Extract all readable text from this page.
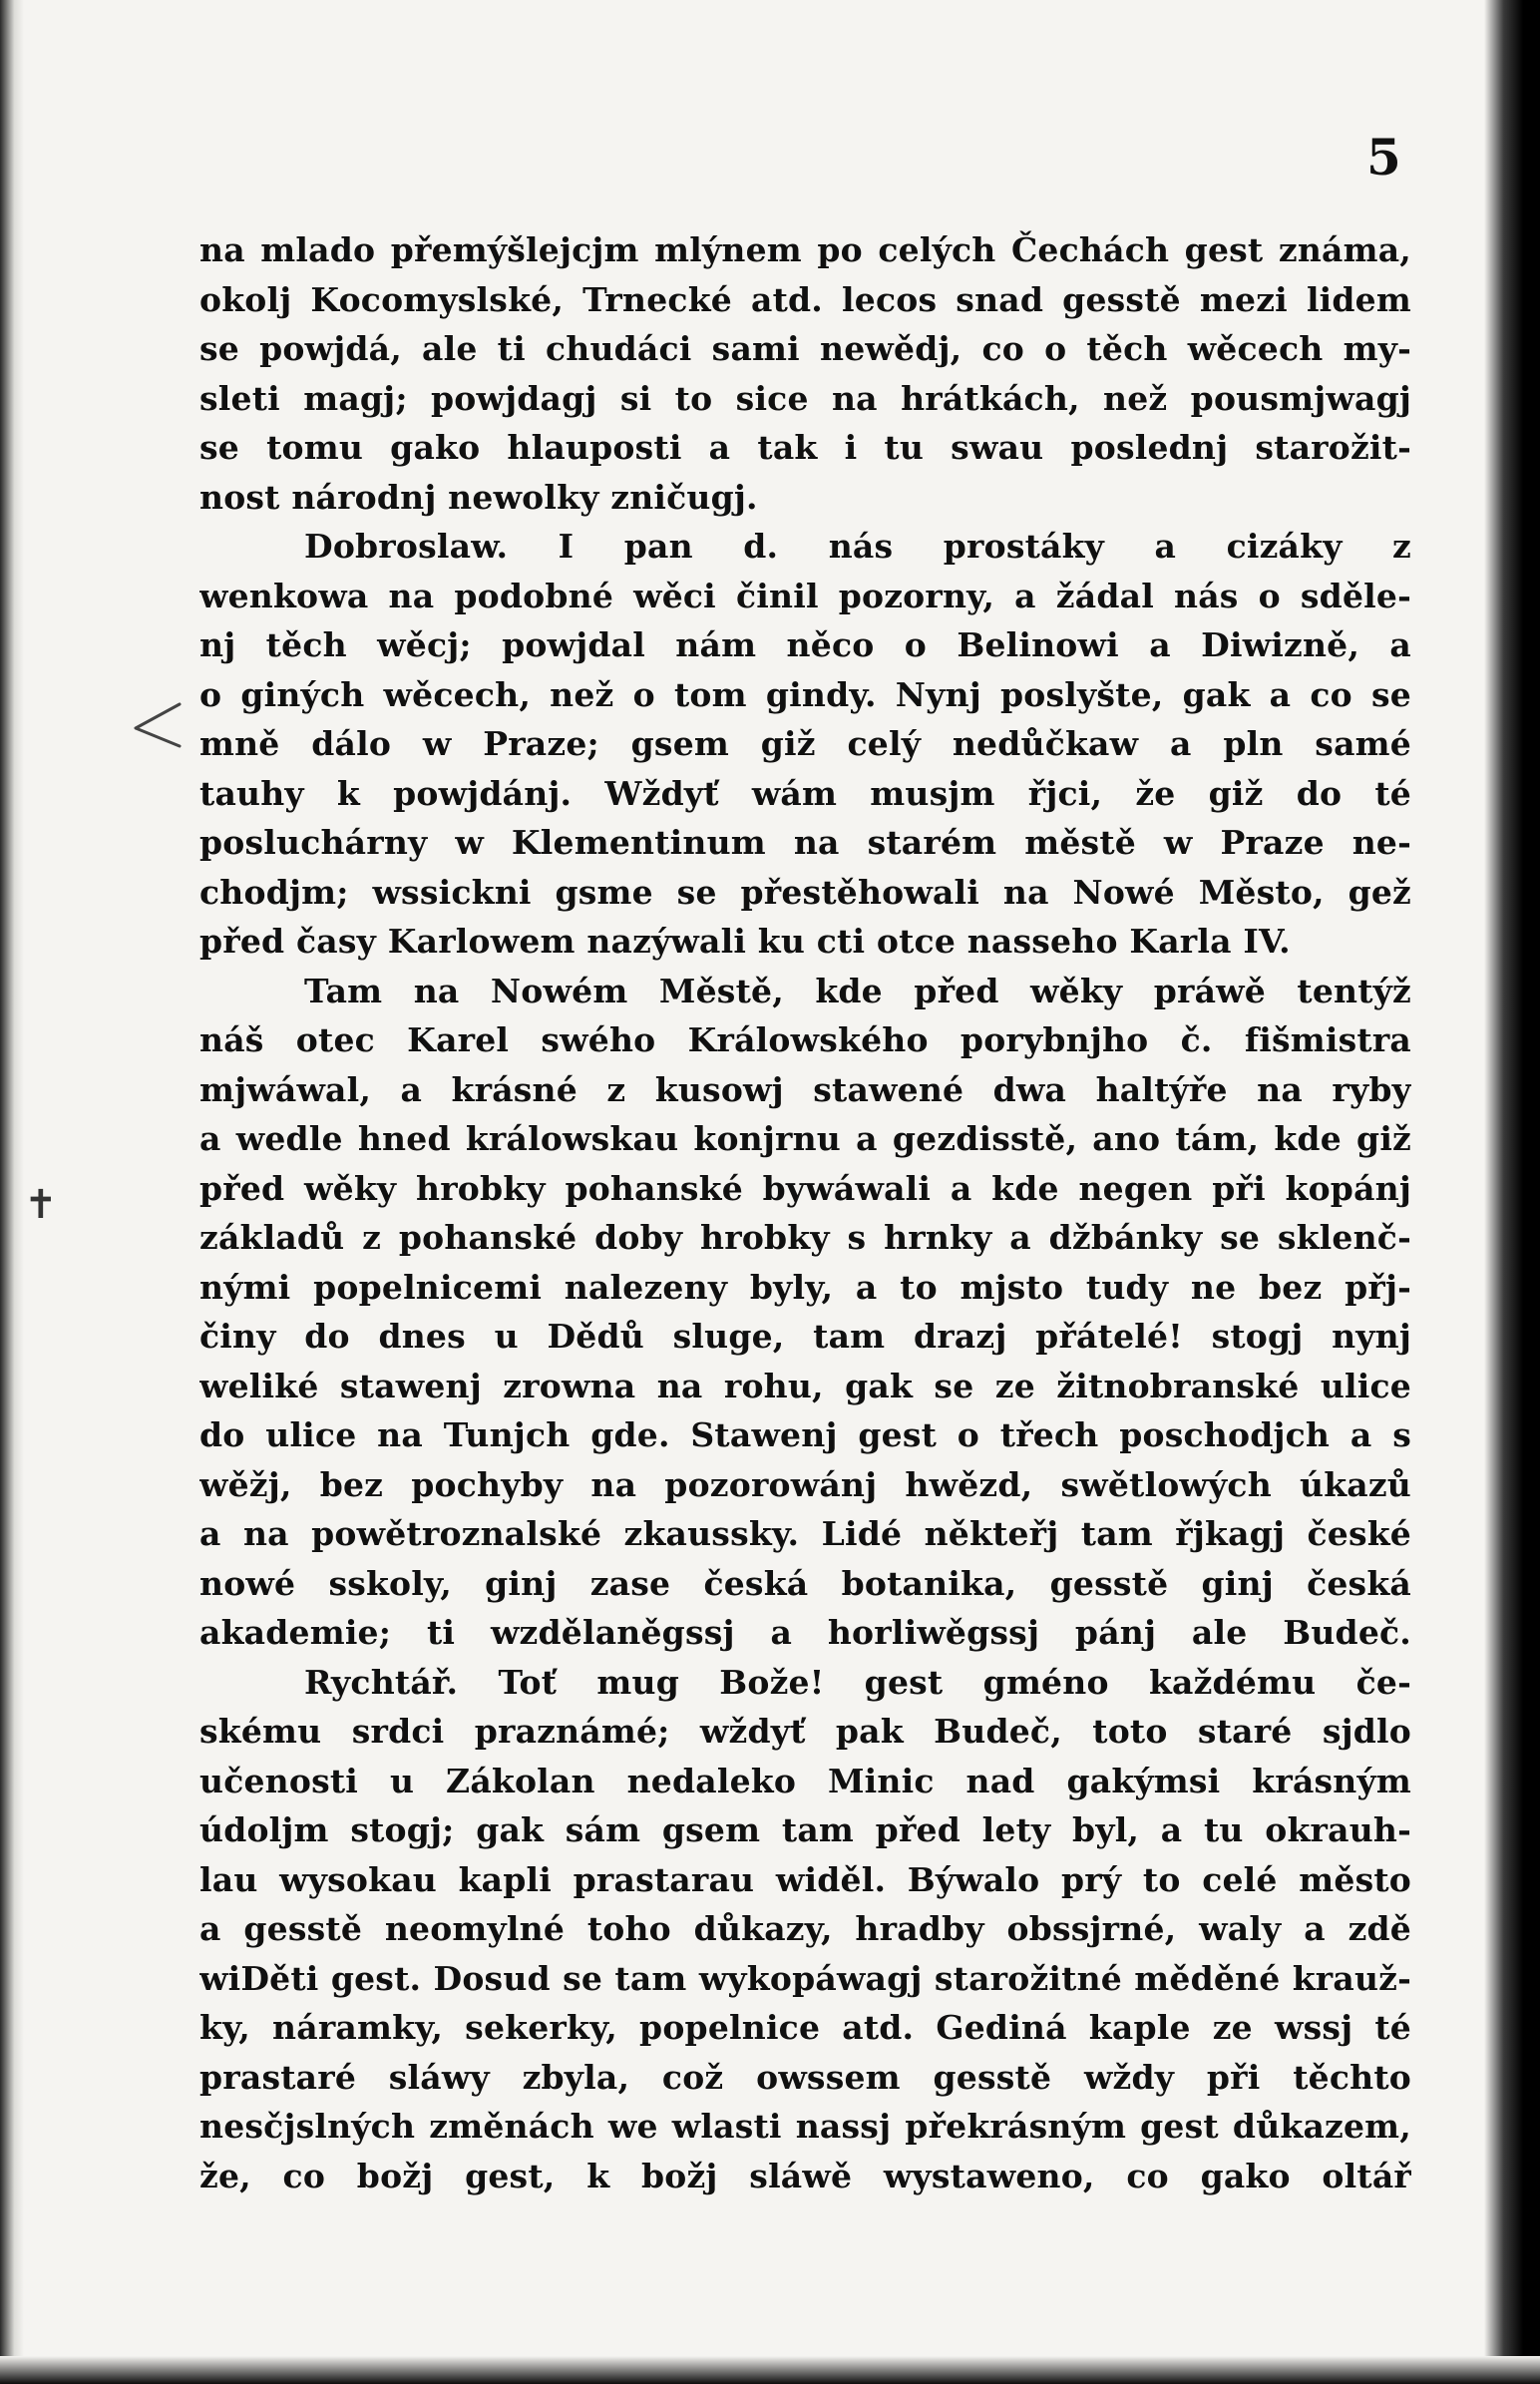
5
✝
na mlado přemýšlejcjm mlýnem po celých Čechách gest známa,
okolj Kocomyslské, Trnecké atd. lecos snad gesstě mezi lidem
se powjdá, ale ti chudáci sami newědj, co o těch wěcech my-
sleti magj; powjdagj si to sice na hrátkách, než pousmjwagj
se tomu gako hlauposti a tak i tu swau poslednj starožit-
nost národnj newolky zničugj.
Dobroslaw. I pan d. nás prostáky a cizáky z
wenkowa na podobné wěci činil pozorny, a žádal nás o sděle-
nj těch wěcj; powjdal nám něco o Belinowi a Diwizně, a
o giných wěcech, než o tom gindy. Nynj poslyšte, gak a co se
mně dálo w Praze; gsem giž celý nedůčkaw a pln samé
tauhy k powjdánj. Wždyť wám musjm řjci, že giž do té
posluchárny w Klementinum na starém městě w Praze ne-
chodjm; wssickni gsme se přestěhowali na Nowé Město, gež
před časy Karlowem nazýwali ku cti otce nasseho Karla IV.
Tam na Nowém Městě, kde před wěky práwě tentýž
náš otec Karel swého Králowského porybnjho č. fišmistra
mjwáwal, a krásné z kusowj stawené dwa haltýře na ryby
a wedle hned králowskau konjrnu a gezdisstě, ano tám, kde giž
před wěky hrobky pohanské bywáwali a kde negen při kopánj
základů z pohanské doby hrobky s hrnky a džbánky se sklenč-
nými popelnicemi nalezeny byly, a to mjsto tudy ne bez přj-
činy do dnes u Dědů sluge, tam drazj přátelé! stogj nynj
weliké stawenj zrowna na rohu, gak se ze žitnobranské ulice
do ulice na Tunjch gde. Stawenj gest o třech poschodjch a s
wěžj, bez pochyby na pozorowánj hwězd, swětlowých úkazů
a na powětroznalské zkaussky. Lidé někteřj tam řjkagj české
nowé sskoly, ginj zase česká botanika, gesstě ginj česká
akademie; ti wzdělaněgssj a horliwěgssj pánj ale Budeč.
Rychtář. Toť mug Bože! gest gméno každému če-
skému srdci praznámé; wždyť pak Budeč, toto staré sjdlo
učenosti u Zákolan nedaleko Minic nad gakýmsi krásným
údoljm stogj; gak sám gsem tam před lety byl, a tu okrauh-
lau wysokau kapli prastarau widěl. Býwalo prý to celé město
a gesstě neomylné toho důkazy, hradby obssjrné, waly a zdě
wiDěti gest. Dosud se tam wykopáwagj starožitné měděné krauž-
ky, náramky, sekerky, popelnice atd. Gediná kaple ze wssj té
prastaré sláwy zbyla, což owssem gesstě wždy při těchto
nesčjslných změnách we wlasti nassj překrásným gest důkazem,
že, co božj gest, k božj sláwě wystaweno, co gako oltář
